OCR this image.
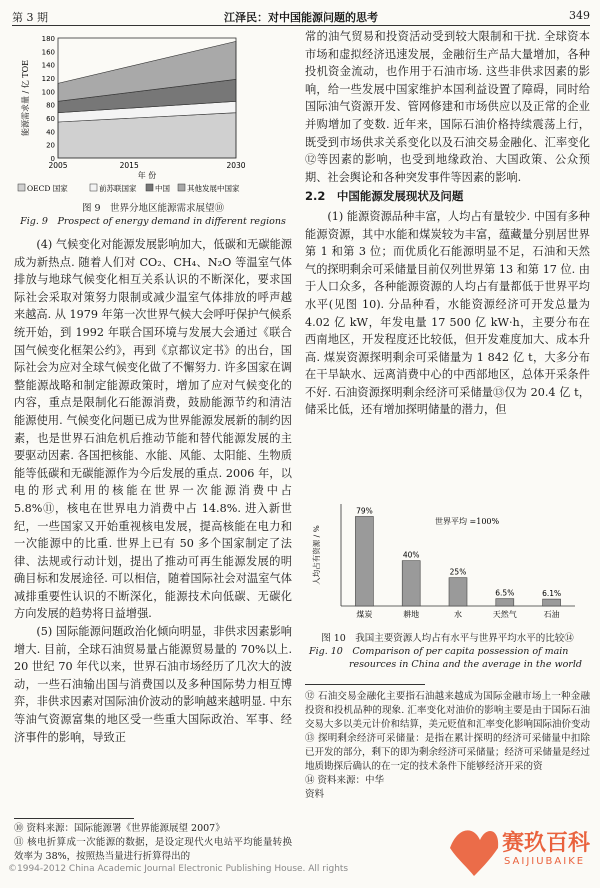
第 3 期	江泽民：对中国能源问题的思考	349
0
20
40
60
80
100
120
140
160
180
2005	2015	2030
年 份
能源需求量 / 亿 TOE
OECD 国家	前苏联国家 中国 其他发展中国家
图 9　世界分地区能源需求展望⑩
Fig. 9　Prospect of energy demand in different regions

(4) 气候变化对能源发展影响加大，低碳和无碳能源成为新热点. 随着人们对 CO₂、CH₄、N₂O 等温室气体排放与地球气候变化相互关系认识的不断深化，要求国际社会采取对策努力限制或减少温室气体排放的呼声越来越高. 从 1979 年第一次世界气候大会呼吁保护气候系统开始，到 1992 年联合国环境与发展大会通过《联合国气候变化框架公约》，再到《京都议定书》的出台，国际社会为应对全球气候变化做了不懈努力. 许多国家在调整能源战略和制定能源政策时，增加了应对气候变化的内容，重点是限制化石能源消费，鼓励能源节约和清洁能源使用. 气候变化问题已成为世界能源发展新的制约因素，也是世界石油危机后推动节能和替代能源发展的主要驱动因素. 各国把核能、水能、风能、太阳能、生物质能等低碳和无碳能源作为今后发展的重点. 2006 年，以电的形式利用的核能在世界一次能源消费中占 5.8%⑪，核电在世界电力消费中占 14.8%. 进入新世纪，一些国家又开始重视核电发展，提高核能在电力和一次能源中的比重. 世界上已有 50 多个国家制定了法律、法规或行动计划，提出了推动可再生能源发展的明确目标和发展途径. 可以相信，随着国际社会对温室气体减排重要性认识的不断深化，能源技术向低碳、无碳化方向发展的趋势将日益增强.

(5) 国际能源问题政治化倾向明显，非供求因素影响增大. 目前，全球石油贸易量占能源贸易量的 70%以上. 20 世纪 70 年代以来，世界石油市场经历了几次大的波动，一些石油输出国与消费国以及多种国际势力相互博弈，非供求因素对国际油价波动的影响越来越明显. 中东等油气资源富集的地区受一些重大国际政治、军事、经济事件的影响，导致正

常的油气贸易和投资活动受到较大限制和干扰. 全球资本市场和虚拟经济迅速发展，金融衍生产品大量增加，各种投机资金流动，也作用于石油市场. 这些非供求因素的影响，给一些发展中国家维护本国利益设置了障碍，同时给国际油气资源开发、管网修建和市场供应以及正常的企业并购增加了变数. 近年来，国际石油价格持续震荡上行，既受到市场供求关系变化以及石油交易金融化、汇率变化⑫等因素的影响，也受到地缘政治、大国政策、公众预期、社会舆论和各种突发事件等因素的影响.

2.2　中国能源发展现状及问题

(1) 能源资源品种丰富，人均占有量较少. 中国有多种能源资源，其中水能和煤炭较为丰富，蕴藏量分别居世界第 1 和第 3 位；而优质化石能源明显不足，石油和天然气的探明剩余可采储量目前仅列世界第 13 和第 17 位. 由于人口众多，各种能源资源的人均占有量都低于世界平均水平(见图 10). 分品种看，水能资源经济可开发总量为 4.02 亿 kW，年发电量 17 500 亿 kW·h，主要分布在西南地区，开发程度还比较低，但开发难度加大、成本升高. 煤炭资源探明剩余可采储量为 1 842 亿 t，大多分布在干旱缺水、远离消费中心的中西部地区，总体开采条件不好. 石油资源探明剩余经济可采储量⑬仅为 20.4 亿 t，储采比低，还有增加探明储量的潜力，但

79%
煤炭
40%
耕地
25%
水
6.5%
天然气
6.1%
石油
世界平均 =100%
人均占有资源 / %
图 10　我国主要资源人均占有水平与世界平均水平的比较⑭
Fig. 10　Comparison of per capita possession of main
resources in China and the average in the world
⑫ 石油交易金融化主要指石油越来越成为国际金融市场上一种金融投资和投机品种的现象. 汇率变化对油价的影响主要是由于国际石油交易大多以美元计价和结算，美元贬值和汇率变化影响国际油价变动
⑬ 探明剩余经济可采储量：是指在累计探明的经济可采储量中扣除已开发的部分，剩下的即为剩余经济可采储量；经济可采储量是经过地质勘探后确认的在一定的技术条件下能够经济开采的资
⑭ 资料来源：中华
资料
⑩ 资料来源：国际能源署《世界能源展望 2007》
⑪ 核电折算成一次能源的数据，是设定现代火电站平均能量转换效率为 38%，按照热当量进行折算得出的
©1994-2012 China Academic Journal Electronic Publishing House. All rights
赛玖百科
SAIJIUBAIKE
